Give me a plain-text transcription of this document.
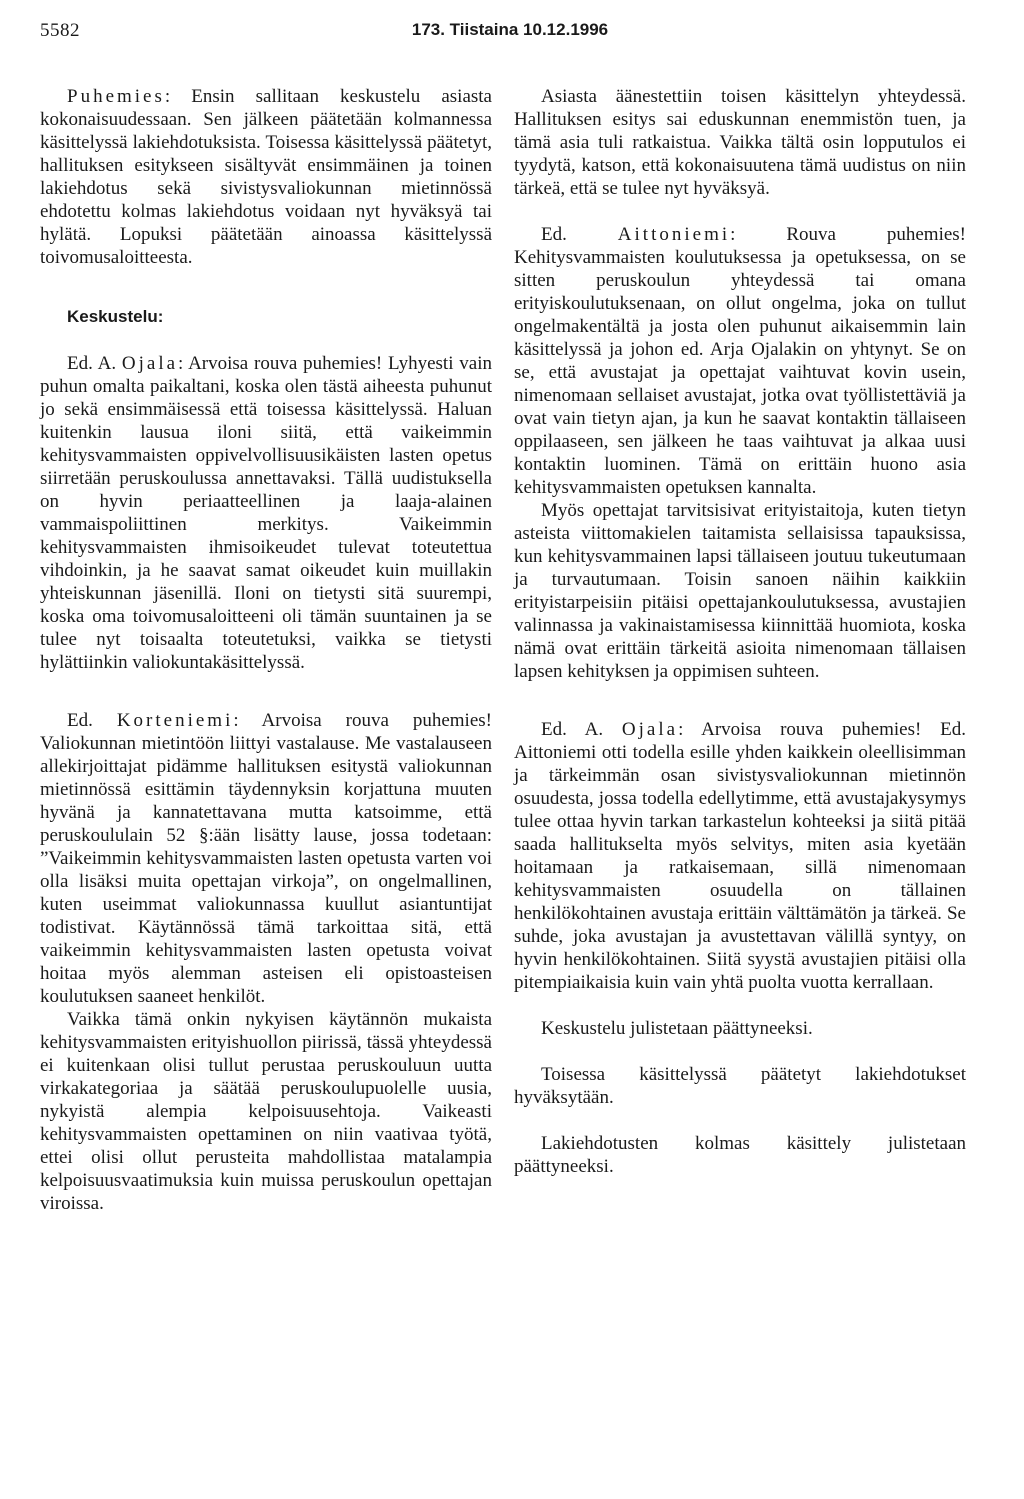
5582	173. Tiistaina 10.12.1996

Puhemies: Ensin sallitaan keskustelu asiasta kokonaisuudessaan. Sen jälkeen päätetään kolmannessa käsittelyssä lakiehdotuksista. Toisessa käsittelyssä päätetyt, hallituksen esitykseen sisältyvät ensimmäinen ja toinen lakiehdotus sekä sivistysvaliokunnan mietinnössä ehdotettu kolmas lakiehdotus voidaan nyt hyväksyä tai hylätä. Lopuksi päätetään ainoassa käsittelyssä toivomusaloitteesta.

Keskustelu:

Ed. A. Ojala: Arvoisa rouva puhemies! Lyhyesti vain puhun omalta paikaltani, koska olen tästä aiheesta puhunut jo sekä ensimmäisessä että toisessa käsittelyssä. Haluan kuitenkin lausua iloni siitä, että vaikeimmin kehitysvammaisten oppivelvollisuusikäisten lasten opetus siirretään peruskoulussa annettavaksi. Tällä uudistuksella on hyvin periaatteellinen ja laaja-alainen vammaispoliittinen merkitys. Vaikeimmin kehitysvammaisten ihmisoikeudet tulevat toteutettua vihdoinkin, ja he saavat samat oikeudet kuin muillakin yhteiskunnan jäsenillä. Iloni on tietysti sitä suurempi, koska oma toivomusaloitteeni oli tämän suuntainen ja se tulee nyt toisaalta toteutetuksi, vaikka se tietysti hylättiinkin valiokuntakäsittelyssä.

Ed. Korteniemi: Arvoisa rouva puhemies! Valiokunnan mietintöön liittyi vastalause. Me vastalauseen allekirjoittajat pidämme hallituksen esitystä valiokunnan mietinnössä esittämin täydennyksin korjattuna muuten hyvänä ja kannatettavana mutta katsoimme, että peruskoululain 52 §:ään lisätty lause, jossa todetaan: ”Vaikeimmin kehitysvammaisten lasten opetusta varten voi olla lisäksi muita opettajan virkoja”, on ongelmallinen, kuten useimmat valiokunnassa kuullut asiantuntijat todistivat. Käytännössä tämä tarkoittaa sitä, että vaikeimmin kehitysvammaisten lasten opetusta voivat hoitaa myös alemman asteisen eli opistoasteisen koulutuksen saaneet henkilöt.

Vaikka tämä onkin nykyisen käytännön mukaista kehitysvammaisten erityishuollon piirissä, tässä yhteydessä ei kuitenkaan olisi tullut perustaa peruskouluun uutta virkakategoriaa ja säätää peruskoulupuolelle uusia, nykyistä alempia kelpoisuusehtoja. Vaikeasti kehitysvammaisten opettaminen on niin vaativaa työtä, ettei olisi ollut perusteita mahdollistaa matalampia kelpoisuusvaatimuksia kuin muissa peruskoulun opettajan viroissa.

Asiasta äänestettiin toisen käsittelyn yhteydessä. Hallituksen esitys sai eduskunnan enemmistön tuen, ja tämä asia tuli ratkaistua. Vaikka tältä osin lopputulos ei tyydytä, katson, että kokonaisuutena tämä uudistus on niin tärkeä, että se tulee nyt hyväksyä.

Ed. Aittoniemi: Rouva puhemies! Kehitysvammaisten koulutuksessa ja opetuksessa, on se sitten peruskoulun yhteydessä tai omana erityiskoulutuksenaan, on ollut ongelma, joka on tullut ongelmakentältä ja josta olen puhunut aikaisemmin lain käsittelyssä ja johon ed. Arja Ojalakin on yhtynyt. Se on se, että avustajat ja opettajat vaihtuvat kovin usein, nimenomaan sellaiset avustajat, jotka ovat työllistettäviä ja ovat vain tietyn ajan, ja kun he saavat kontaktin tällaiseen oppilaaseen, sen jälkeen he taas vaihtuvat ja alkaa uusi kontaktin luominen. Tämä on erittäin huono asia kehitysvammaisten opetuksen kannalta.

Myös opettajat tarvitsisivat erityistaitoja, kuten tietyn asteista viittomakielen taitamista sellaisissa tapauksissa, kun kehitysvammainen lapsi tällaiseen joutuu tukeutumaan ja turvautumaan. Toisin sanoen näihin kaikkiin erityistarpeisiin pitäisi opettajankoulutuksessa, avustajien valinnassa ja vakinaistamisessa kiinnittää huomiota, koska nämä ovat erittäin tärkeitä asioita nimenomaan tällaisen lapsen kehityksen ja oppimisen suhteen.

Ed. A. Ojala: Arvoisa rouva puhemies! Ed. Aittoniemi otti todella esille yhden kaikkein oleellisimman ja tärkeimmän osan sivistysvaliokunnan mietinnön osuudesta, jossa todella edellytimme, että avustajakysymys tulee ottaa hyvin tarkan tarkastelun kohteeksi ja siitä pitää saada hallitukselta myös selvitys, miten asia kyetään hoitamaan ja ratkaisemaan, sillä nimenomaan kehitysvammaisten osuudella on tällainen henkilökohtainen avustaja erittäin välttämätön ja tärkeä. Se suhde, joka avustajan ja avustettavan välillä syntyy, on hyvin henkilökohtainen. Siitä syystä avustajien pitäisi olla pitempiaikaisia kuin vain yhtä puolta vuotta kerrallaan.

Keskustelu julistetaan päättyneeksi.

Toisessa käsittelyssä päätetyt lakiehdotukset hyväksytään.

Lakiehdotusten kolmas käsittely julistetaan päättyneeksi.
